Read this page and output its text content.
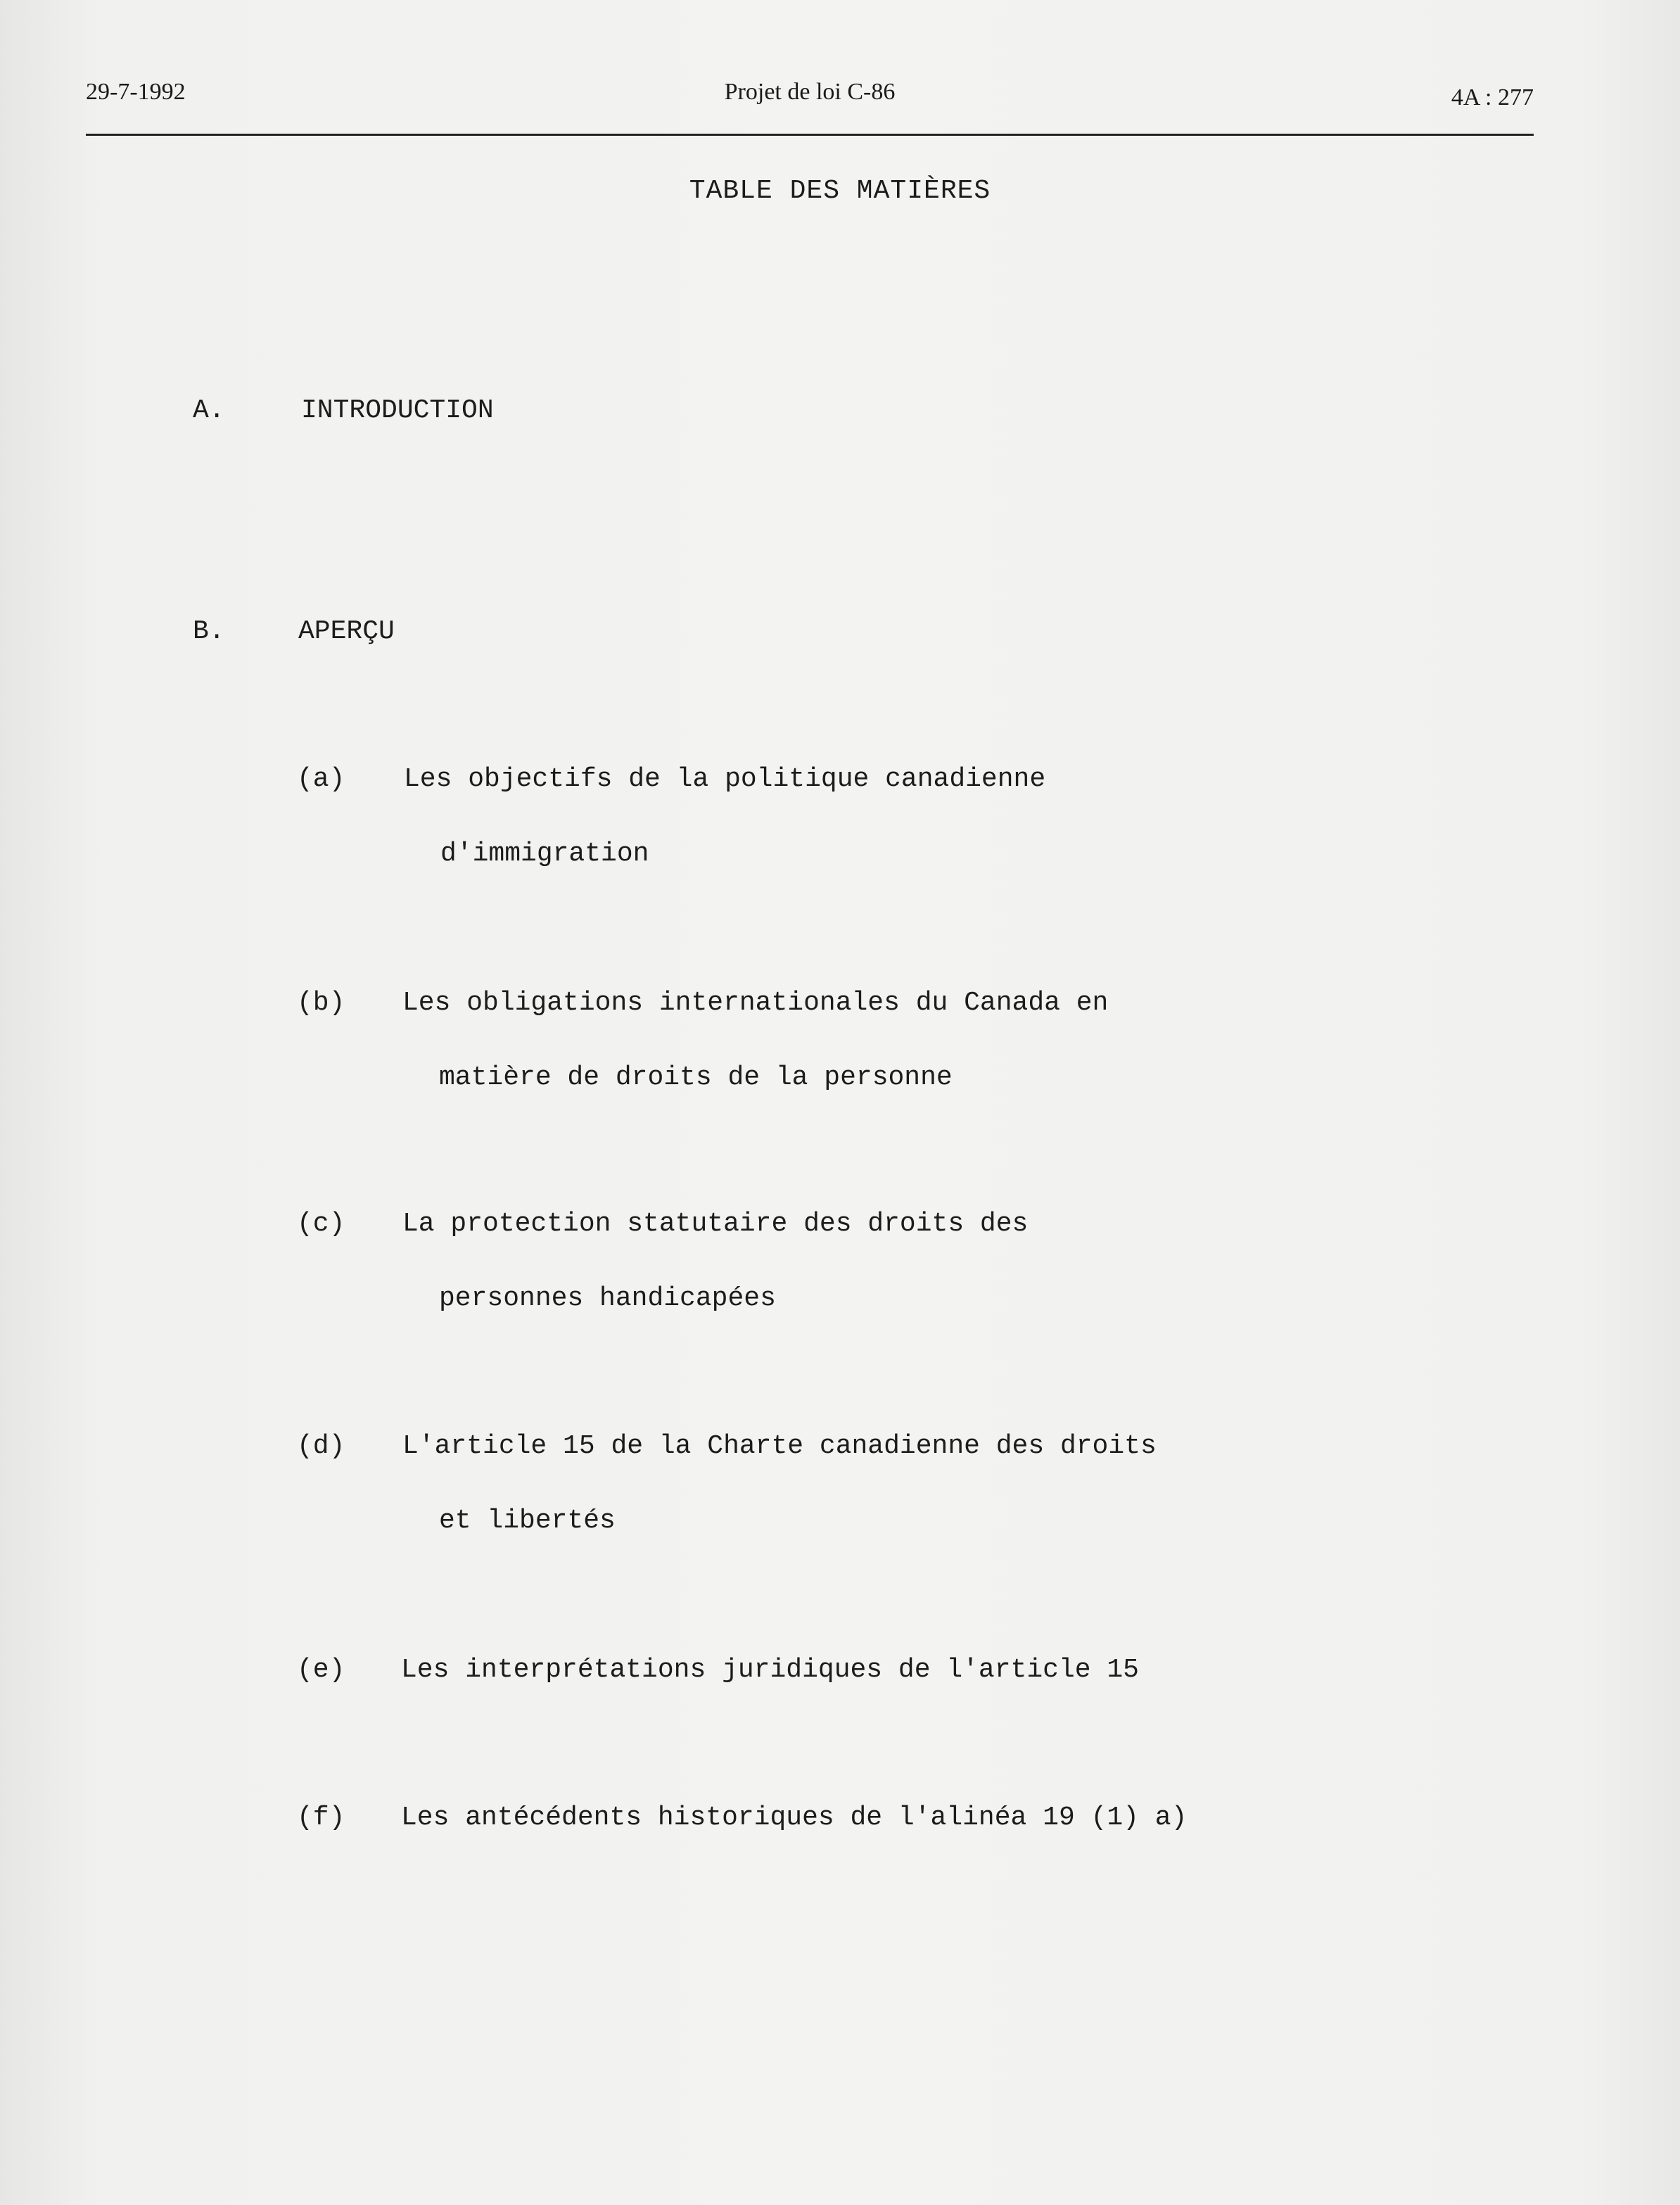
29-7-1992	Projet de loi C-86	4A : 277
TABLE DES MATIÈRES
A.	INTRODUCTION
B.	APERÇU
(a) Les objectifs de la politique canadienne
d'immigration
(b) Les obligations internationales du Canada en
matière de droits de la personne
(c) La protection statutaire des droits des
personnes handicapées
(d) L'article 15 de la Charte canadienne des droits
et libertés
(e) Les interprétations juridiques de l'article 15
(f) Les antécédents historiques de l'alinéa 19 (1) a)
